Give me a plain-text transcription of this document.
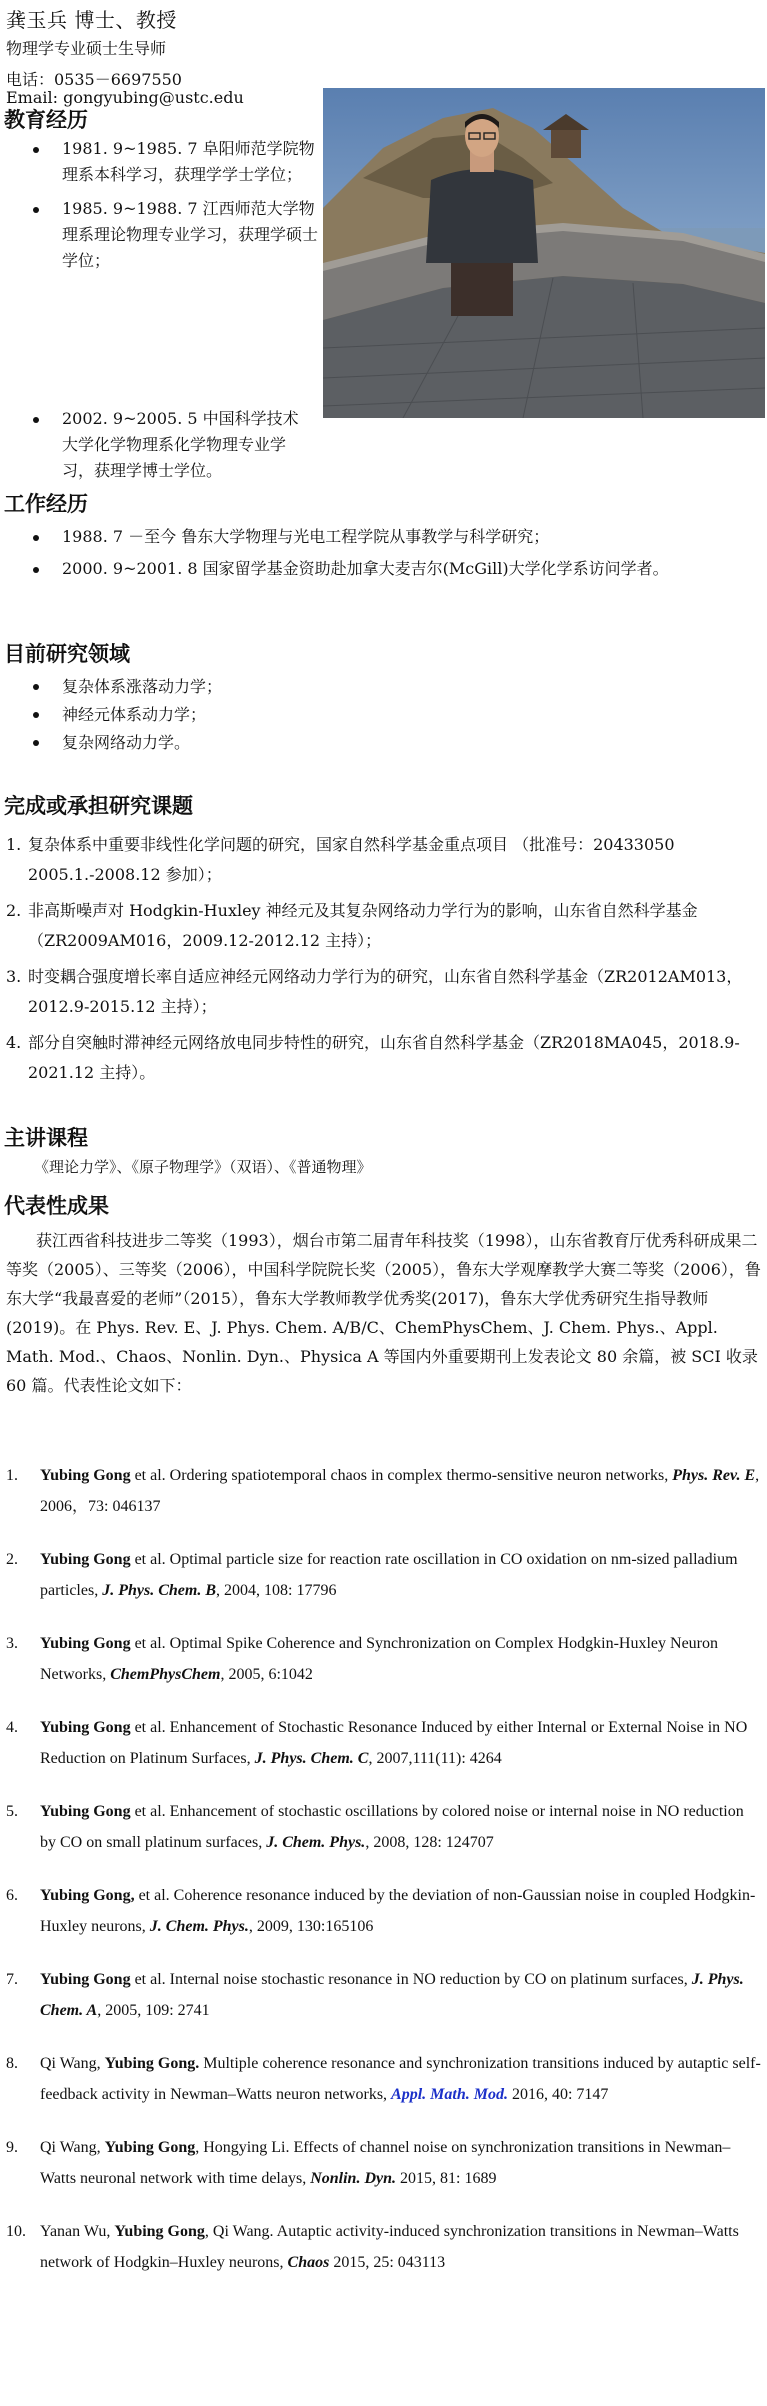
龚玉兵 博士、教授
物理学专业硕士生导师
电话：0535－6697550
Email: gongyubing@ustc.edu
教育经历
1981. 9~1985. 7 阜阳师范学院物理系本科学习，获理学学士学位；
1985. 9~1988. 7 江西师范大学物理系理论物理专业学习，获理学硕士学位；
2002. 9~2005. 5 中国科学技术大学化学物理系化学物理专业学习，获理学博士学位。
工作经历
1988. 7 －至今 鲁东大学物理与光电工程学院从事教学与科学研究；
2000. 9~2001. 8 国家留学基金资助赴加拿大麦吉尔(McGill)大学化学系访问学者。
目前研究领域
复杂体系涨落动力学；
神经元体系动力学；
复杂网络动力学。
完成或承担研究课题
1. 复杂体系中重要非线性化学问题的研究，国家自然科学基金重点项目 （批准号：20433050 2005.1.-2008.12 参加）；
2. 非高斯噪声对 Hodgkin-Huxley 神经元及其复杂网络动力学行为的影响，山东省自然科学基金（ZR2009AM016，2009.12-2012.12 主持）；
3. 时变耦合强度增长率自适应神经元网络动力学行为的研究，山东省自然科学基金（ZR2012AM013，2012.9-2015.12 主持）；
4. 部分自突触时滞神经元网络放电同步特性的研究，山东省自然科学基金（ZR2018MA045，2018.9-2021.12 主持）。
主讲课程
《理论力学》、《原子物理学》（双语）、《普通物理》
代表性成果

获江西省科技进步二等奖（1993），烟台市第二届青年科技奖（1998），山东省教育厅优秀科研成果二等奖（2005）、三等奖（2006），中国科学院院长奖（2005），鲁东大学观摩教学大赛二等奖（2006），鲁东大学“我最喜爱的老师”（2015），鲁东大学教师教学优秀奖(2017)，鲁东大学优秀研究生指导教师(2019)。在 Phys. Rev. E、J. Phys. Chem. A/B/C、ChemPhysChem、J. Chem. Phys.、Appl. Math. Mod.、Chaos、Nonlin. Dyn.、Physica A 等国内外重要期刊上发表论文 80 余篇，被 SCI 收录 60 篇。代表性论文如下：

1. Yubing Gong et al. Ordering spatiotemporal chaos in complex thermo-sensitive neuron networks, Phys. Rev. E, 2006，73: 046137
2. Yubing Gong et al. Optimal particle size for reaction rate oscillation in CO oxidation on nm-sized palladium particles, J. Phys. Chem. B, 2004, 108: 17796
3. Yubing Gong et al. Optimal Spike Coherence and Synchronization on Complex Hodgkin-Huxley Neuron Networks, ChemPhysChem, 2005, 6:1042
4. Yubing Gong et al. Enhancement of Stochastic Resonance Induced by either Internal or External Noise in NO Reduction on Platinum Surfaces, J. Phys. Chem. C, 2007,111(11): 4264
5. Yubing Gong et al. Enhancement of stochastic oscillations by colored noise or internal noise in NO reduction by CO on small platinum surfaces, J. Chem. Phys., 2008, 128: 124707
6. Yubing Gong, et al. Coherence resonance induced by the deviation of non-Gaussian noise in coupled Hodgkin-Huxley neurons, J. Chem. Phys., 2009, 130:165106
7. Yubing Gong et al. Internal noise stochastic resonance in NO reduction by CO on platinum surfaces, J. Phys. Chem. A, 2005, 109: 2741
8. Qi Wang, Yubing Gong. Multiple coherence resonance and synchronization transitions induced by autaptic self-feedback activity in Newman–Watts neuron networks, Appl. Math. Mod. 2016, 40: 7147
9. Qi Wang, Yubing Gong, Hongying Li. Effects of channel noise on synchronization transitions in Newman–Watts neuronal network with time delays, Nonlin. Dyn. 2015, 81: 1689
10. Yanan Wu, Yubing Gong, Qi Wang. Autaptic activity-induced synchronization transitions in Newman–Watts network of Hodgkin–Huxley neurons, Chaos 2015, 25: 043113
